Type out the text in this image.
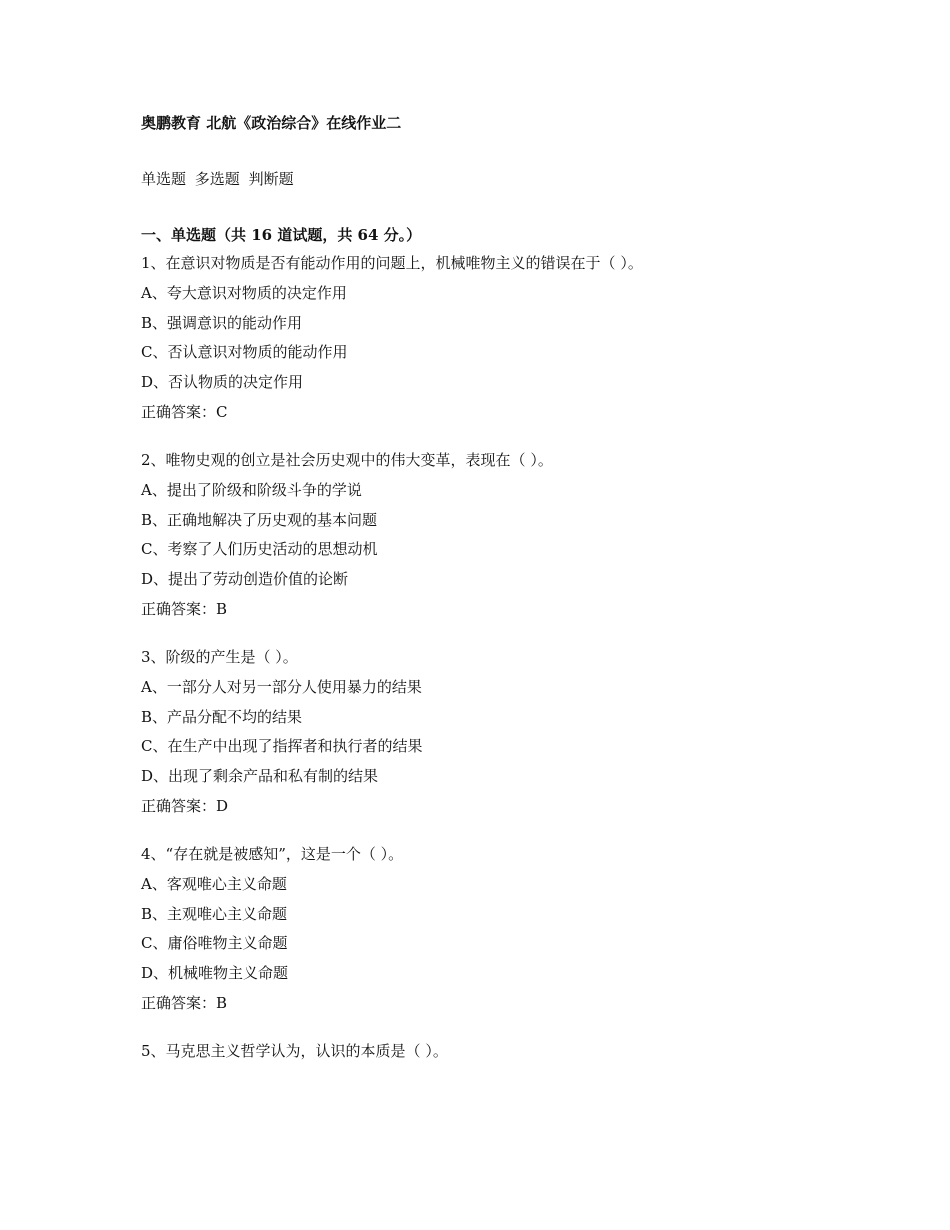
奥鹏教育 北航《政治综合》在线作业二
单选题 多选题 判断题
一、单选题（共 16 道试题，共 64 分。）
1、在意识对物质是否有能动作用的问题上，机械唯物主义的错误在于（ ）。
A、夸大意识对物质的决定作用
B、强调意识的能动作用
C、否认意识对物质的能动作用
D、否认物质的决定作用
正确答案：C
2、唯物史观的创立是社会历史观中的伟大变革，表现在（ ）。
A、提出了阶级和阶级斗争的学说
B、正确地解决了历史观的基本问题
C、考察了人们历史活动的思想动机
D、提出了劳动创造价值的论断
正确答案：B
3、阶级的产生是（ ）。
A、一部分人对另一部分人使用暴力的结果
B、产品分配不均的结果
C、在生产中出现了指挥者和执行者的结果
D、出现了剩余产品和私有制的结果
正确答案：D
4、“存在就是被感知”，这是一个（ ）。
A、客观唯心主义命题
B、主观唯心主义命题
C、庸俗唯物主义命题
D、机械唯物主义命题
正确答案：B
5、马克思主义哲学认为，认识的本质是（ ）。
